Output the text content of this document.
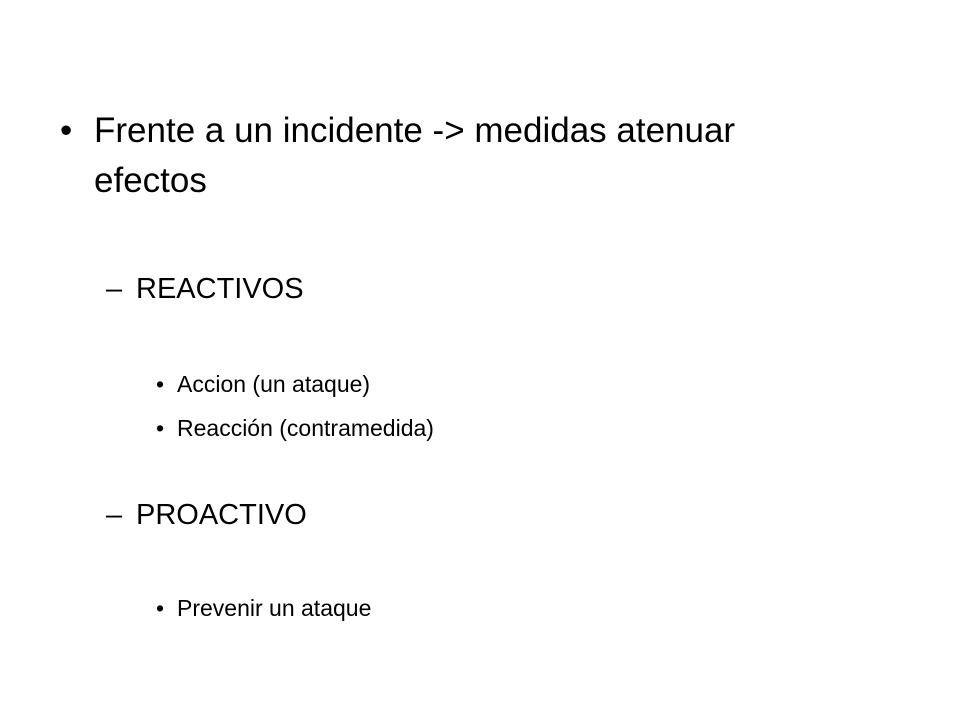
• Frente a un incidente -> medidas atenuar
efectos
– REACTIVOS
• Accion (un ataque)
• Reacción (contramedida)
– PROACTIVO
• Prevenir un ataque
